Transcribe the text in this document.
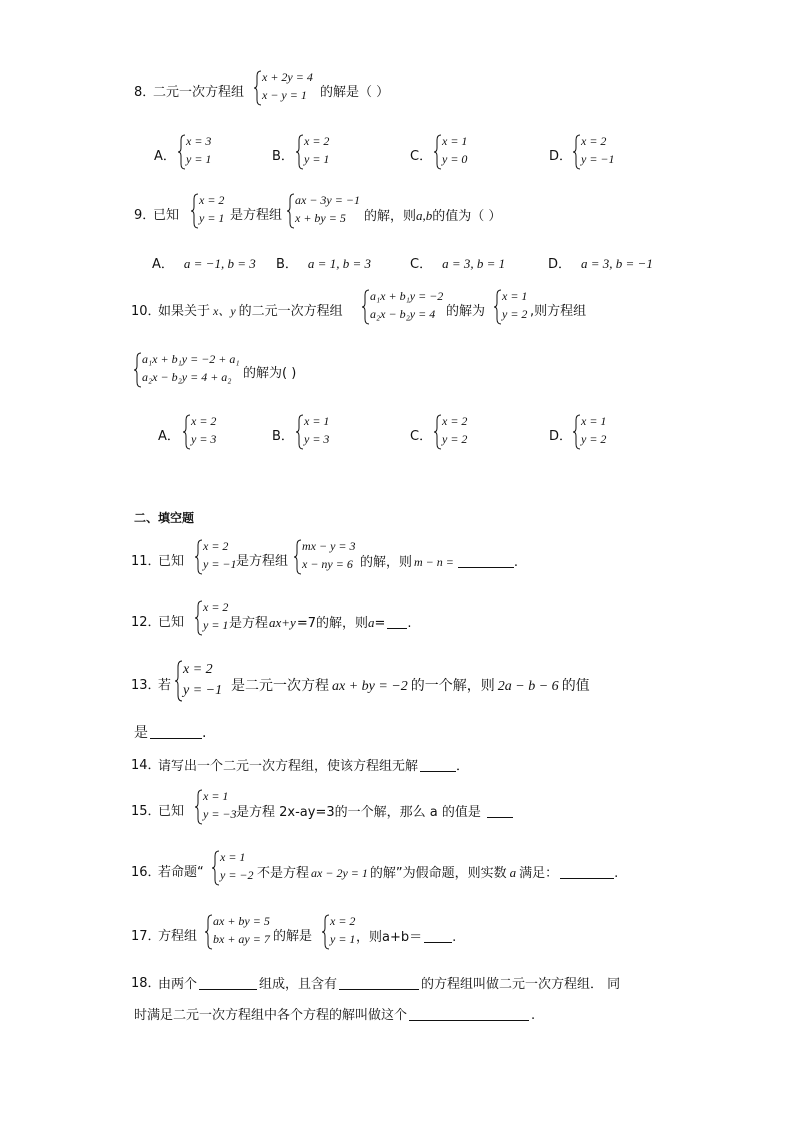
8．
二元一次方程组
x + 2y = 4
x − y = 1 的解是（ ）
A．
x = 3
y = 1	B．
x = 2
y = 1	C．
x = 1
y = 0	D．
x = 2
y = −1
9．
已知
x = 2
y = 1 是方程组
ax − 3y = −1
x + by = 5 的解，则a,b的值为（ ）
A． a = −1, b = 3 B． a = 1, b = 3	C． a = 3, b = 1	D． a = 3, b = −1
10．
如果关于 x、y 的二元一次方程组
a₁x + b₁y = −2
a₂x − b₂y = 4 的解为
x = 1
y = 2 ,则方程组
a₁x + b₁y = −2 + a₁
a₂x − b₂y = 4 + a₂ 的解为( )
A．
x = 2
y = 3	B．
x = 1
y = 3	C．
x = 2
y = 2	D．
x = 1
y = 2
二、填空题
11．
已知
x = 2
y = −1 是方程组
mx − y = 3
x − ny = 6 的解，则 m − n =	.
12．
已知
x = 2
y = 1 是方程ax+y=7的解，则a= .
13．
若
x = 2
y = −1 是二元一次方程 ax + by = −2 的一个解，则 2a − b − 6 的值
是	.
14．
请写出一个二元一次方程组，使该方程组无解	．
15．
已知
x = 1
y = −3 是方程 2x-ay=3的一个解，那么 a 的值是
16．
若命题“
x = 1
y = −2 不是方程 ax − 2y = 1 的解”为假命题，则实数 a 满足：	.
17．
方程组
ax + by = 5
bx + ay = 7 的解是
x = 2
y = 1 ，则a+b＝ .
18．
由两个	组成，且含有	的方程组叫做二元一次方程组． 同
时满足二元一次方程组中各个方程的解叫做这个	.
